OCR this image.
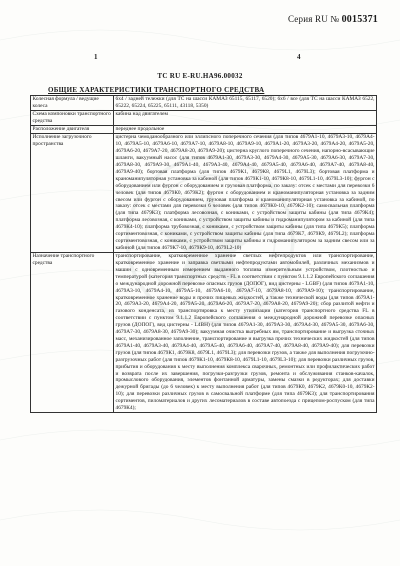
Серия RU № 0015371
1	4
ТС RU E-RU.HA96.00032
ОБЩИЕ ХАРАКТЕРИСТИКИ ТРАНСПОРТНОГО СРЕДСТВА
Колесная формула / ведущие колеса	6х4 / задней тележки (для ТС на шасси КАМАЗ 65115, 65117, 6520); 6х6 / все (для ТС на шасси КАМАЗ 6522, 65222, 65224, 65225, 65111, 43118, 5350)
Схема компоновки транспортного средства	кабина над двигателем
Расположение двигателя	переднее продольное
Исполнение загрузочного пространства	цистерна чемоданообразного или эллипсного поперечного сечения (для типов 4679А1-10, 4679А3-10, 4679А4-10, 4679А5-10, 4679А6-10, 4679А7-10, 4679А8-10, 4679А9-10, 4679А1-20, 4679А3-20, 4679А4-20, 4679А5-20, 4679А6-20, 4679А7-20, 4679А8-20, 4679А9-20); цистерна круглого поперечного сечения, напорно-всасывающие шланги, вакуумный насос (для типов 4679А1-30, 4679А3-30, 4679А4-30, 4679А5-30, 4679А6-30, 4679А7-30, 4679А8-30, 4679А9-30, 4679А1-40, 4679А3-40, 4679А4-40, 4679А5-40, 4679А6-40, 4679А7-40, 4679А8-40, 4679А9-40); бортовая платформа (для типов 4679К1, 4679К8, 4679L1, 4679L3); бортовая платформа и краноманипуляторная установка за кабиной (для типов 4679К1-10, 4679К8-10, 4679L1-10, 4679L3-10); фургон с оборудованием или фургон с оборудованием и грузовая платформа, по заказу: отсек с местами для перевозки 6 человек (для типов 4679К0, 4679К2); фургон с оборудованием и краноманипуляторная установка за задним свесом или фургон с оборудованием, грузовая платформа и краноманипуляторная установка за кабиной, по заказу: отсек с местами для перевозки 6 человек (для типов 4679К0-10, 4679К2-10); самосвальная платформа (для типа 4679К3); платформа лесовозная, с кониками, с устройством защиты кабины (для типа 4679К4); платформа лесовозная, с кониками, с устройством защиты кабины и гидроманипулятором за кабиной (для типа 4679К4-10); платформа трубовозная, с кониками, с устройством защиты кабины (для типа 4679К5); платформа сортиментовозная, с кониками, с устройством защиты кабины (для типа 4679К7, 4679К9, 4679L2); платформа сортиментовозная, с кониками, с устройством защиты кабины и гидроманипулятором за задним свесом или за кабиной (для типов 4679К7-10, 4679К9-10, 4679L2-10)
Назначение транспортного средства	транспортирование, кратковременное хранение светлых нефтепродуктов или транспортирование, кратковременное хранение и заправка светлыми нефтепродуктами автомобилей, различных механизмов и машин с одновременным измерением выданного топлива измерительным устройством, плотностью и температурой (категория транспортных средств - FL в соответствии с пунктом 9.1.1.2 Европейского соглашения о международной дорожной перевозке опасных грузов (ДОПОГ), вид цистерны - LGBF) (для типов 4679А1-10, 4679А3-10, 4679А4-10, 4679А5-10, 4679А6-10, 4679А7-10, 4679А8-10, 4679А9-10); транспортирование, кратковременное хранение воды и прочих пищевых жидкостей, а также технической воды (для типов 4679А1-20, 4679А3-20, 4679А4-20, 4679А5-20, 4679А6-20, 4679А7-20, 4679А8-20, 4679А9-20); сбор разлитой нефти и газового конденсата, их транспортировка к месту утилизации (категория транспортного средства FL в соответствии с пунктом 9.1.1.2 Европейского соглашения о международной дорожной перевозке опасных грузов (ДОПОГ), вид цистерны - L4BH) (для типов 4679А1-30, 4679А3-30, 4679А4-30, 4679А5-30, 4679А6-30, 4679А7-30, 4679А8-30, 4679А9-30); вакуумная очистка выгребных ям, транспортирование и выгрузка сточных масс, механизированное заполнение, транспортирование и выгрузка прочих технических жидкостей (для типов 4679А1-40, 4679А3-40, 4679А4-40, 4679А5-40, 4679А6-40, 4679А7-40, 4679А8-40, 4679А9-40); для перевозки грузов (для типов 4679К1, 4679К8, 4679L1, 4679L3); для перевозки грузов, а также для выполнения погрузочно-разгрузочных работ (для типов 4679К1-10, 4679К8-10, 4679L1-10, 4679L3-10); для перевозки различных грузов, прибытия и оборудования к месту выполнения комплекса сварочных, ремонтных или профилактических работ и возврата после их завершения, погрузки-разгрузки грузов, ремонта и обслуживания станков-качалок, промыслового оборудования, элементов фонтанной арматуры, замены смазки в редукторах; для доставки дежурной бригады (до 6 человек) к месту выполнения работ (для типов 4679К0, 4679К2, 4679К0-10, 4679К2-10); для перевозки различных грузов в самосвальной платформе (для типа 4679К3); для транспортирования сортиментов, пиломатериалов и других лесоматериалов в составе автопоезда с прицепом-роспуском (для типа 4679К4);
